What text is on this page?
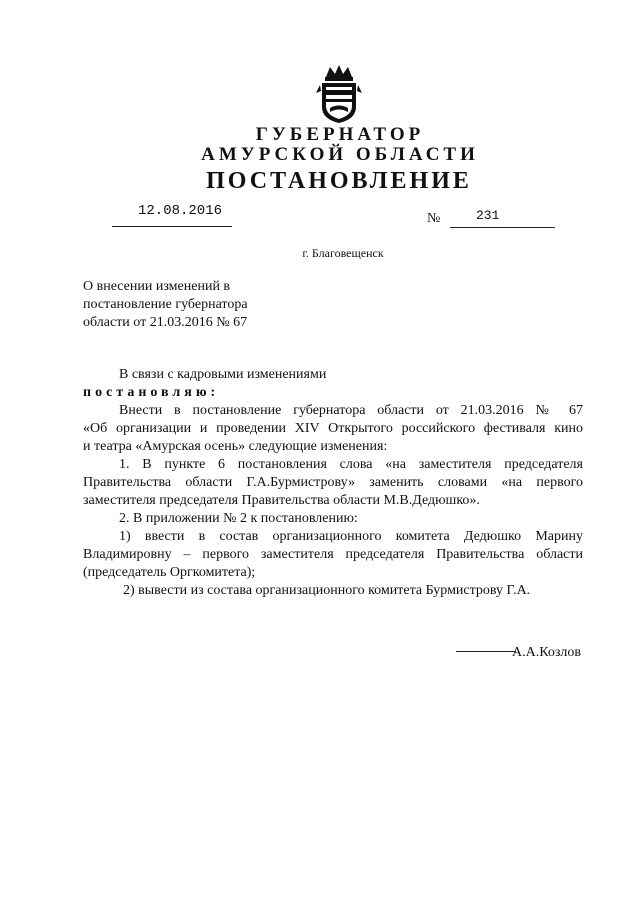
ГУБЕРНАТОР
АМУРСКОЙ ОБЛАСТИ
ПОСТАНОВЛЕНИЕ
12.08.2016	№	231
г. Благовещенск
О внесении изменений в
постановление губернатора
области от 21.03.2016 № 67
В связи с кадровыми изменениями
постановляю:
Внести в постановление губернатора области от 21.03.2016 № 67
«Об организации и проведении XIV Открытого российского фестиваля кино
и театра «Амурская осень» следующие изменения:
1. В пункте 6 постановления слова «на заместителя председателя
Правительства области Г.А.Бурмистрову» заменить словами «на первого
заместителя председателя Правительства области М.В.Дедюшко».
2. В приложении № 2 к постановлению:
1) ввести в состав организационного комитета Дедюшко Марину
Владимировну – первого заместителя председателя Правительства области
(председатель Оргкомитета);
2) вывести из состава организационного комитета Бурмистрову Г.А.
А.А.Козлов
